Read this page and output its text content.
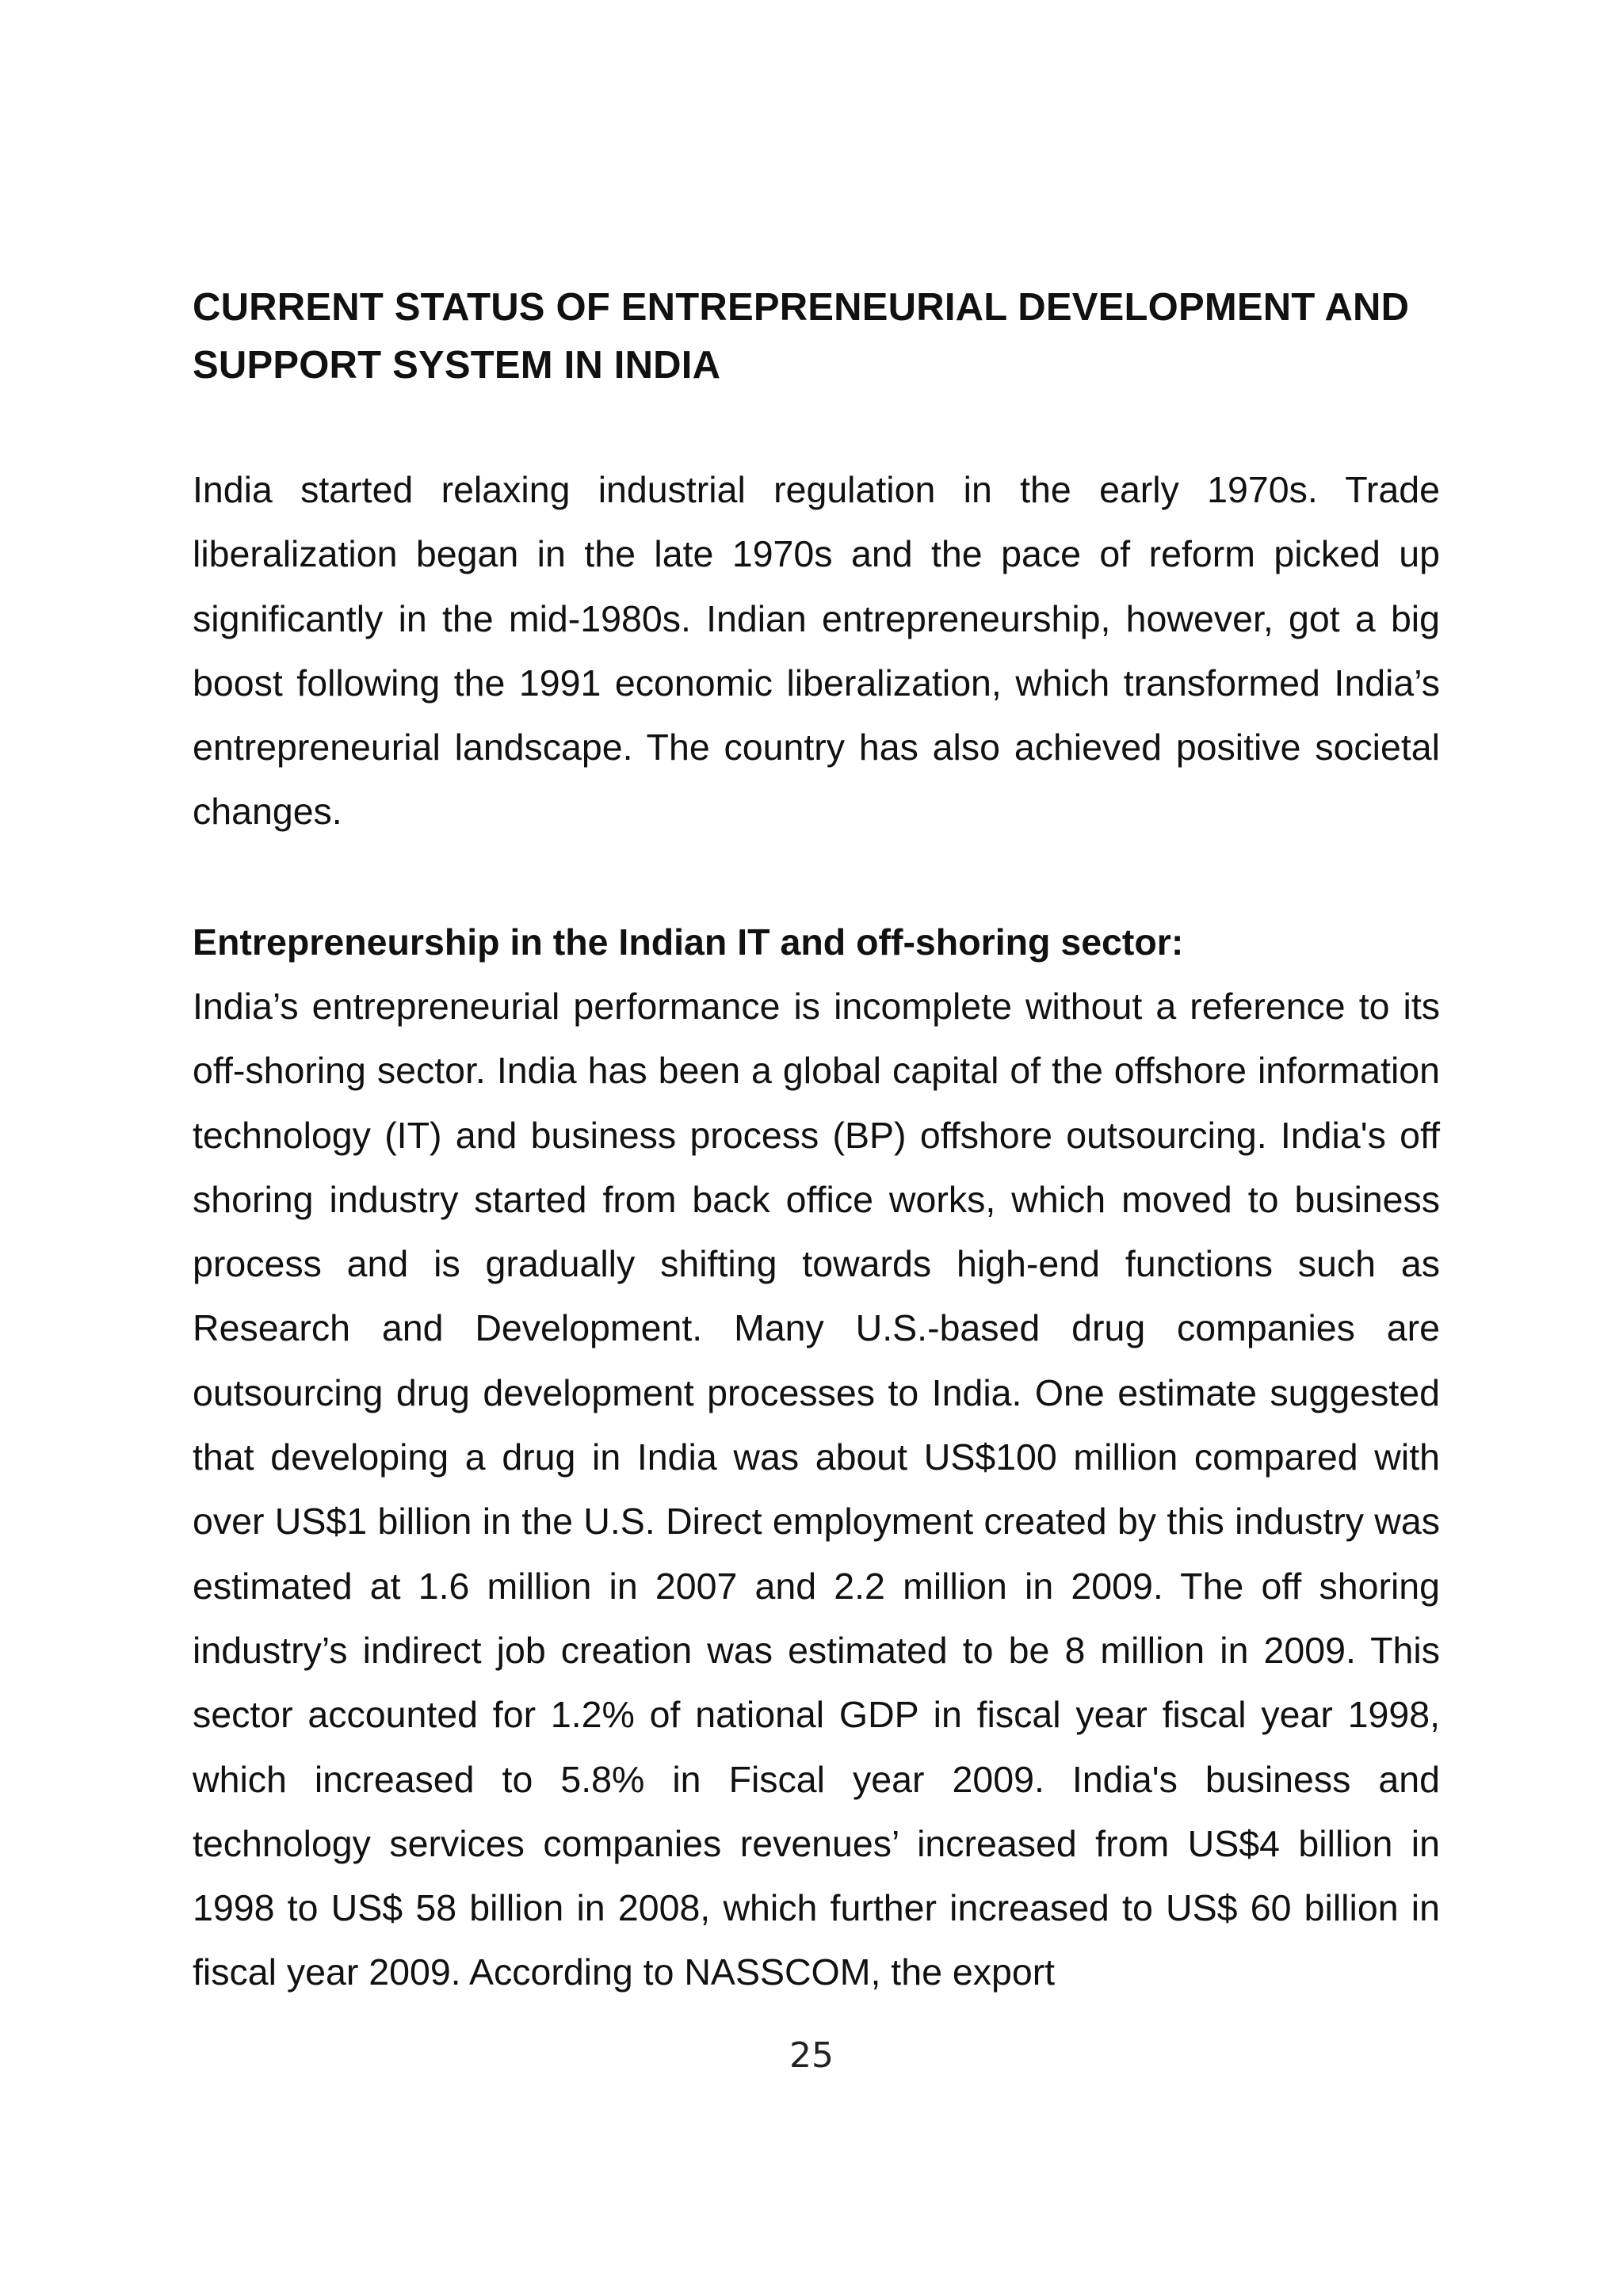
CURRENT STATUS OF ENTREPRENEURIAL DEVELOPMENT AND SUPPORT SYSTEM IN INDIA

India started relaxing industrial regulation in the early 1970s. Trade liberalization began in the late 1970s and the pace of reform picked up significantly in the mid-1980s. Indian entrepreneurship, however, got a big boost following the 1991 economic liberalization, which transformed India’s entrepreneurial landscape. The country has also achieved positive societal changes.

Entrepreneurship in the Indian IT and off-shoring sector:

India’s entrepreneurial performance is incomplete without a reference to its off-shoring sector. India has been a global capital of the offshore information technology (IT) and business process (BP) offshore outsourcing. India's off shoring industry started from back office works, which moved to business process and is gradually shifting towards high-end functions such as Research and Development. Many U.S.-based drug companies are outsourcing drug development processes to India. One estimate suggested that developing a drug in India was about US$100 million compared with over US$1 billion in the U.S. Direct employment created by this industry was estimated at 1.6 million in 2007 and 2.2 million in 2009. The off shoring industry’s indirect job creation was estimated to be 8 million in 2009. This sector accounted for 1.2% of national GDP in fiscal year fiscal year 1998, which increased to 5.8% in Fiscal year 2009. India's business and technology services companies revenues’ increased from US$4 billion in 1998 to US$ 58 billion in 2008, which further increased to US$ 60 billion in fiscal year 2009. According to NASSCOM, the export

25
